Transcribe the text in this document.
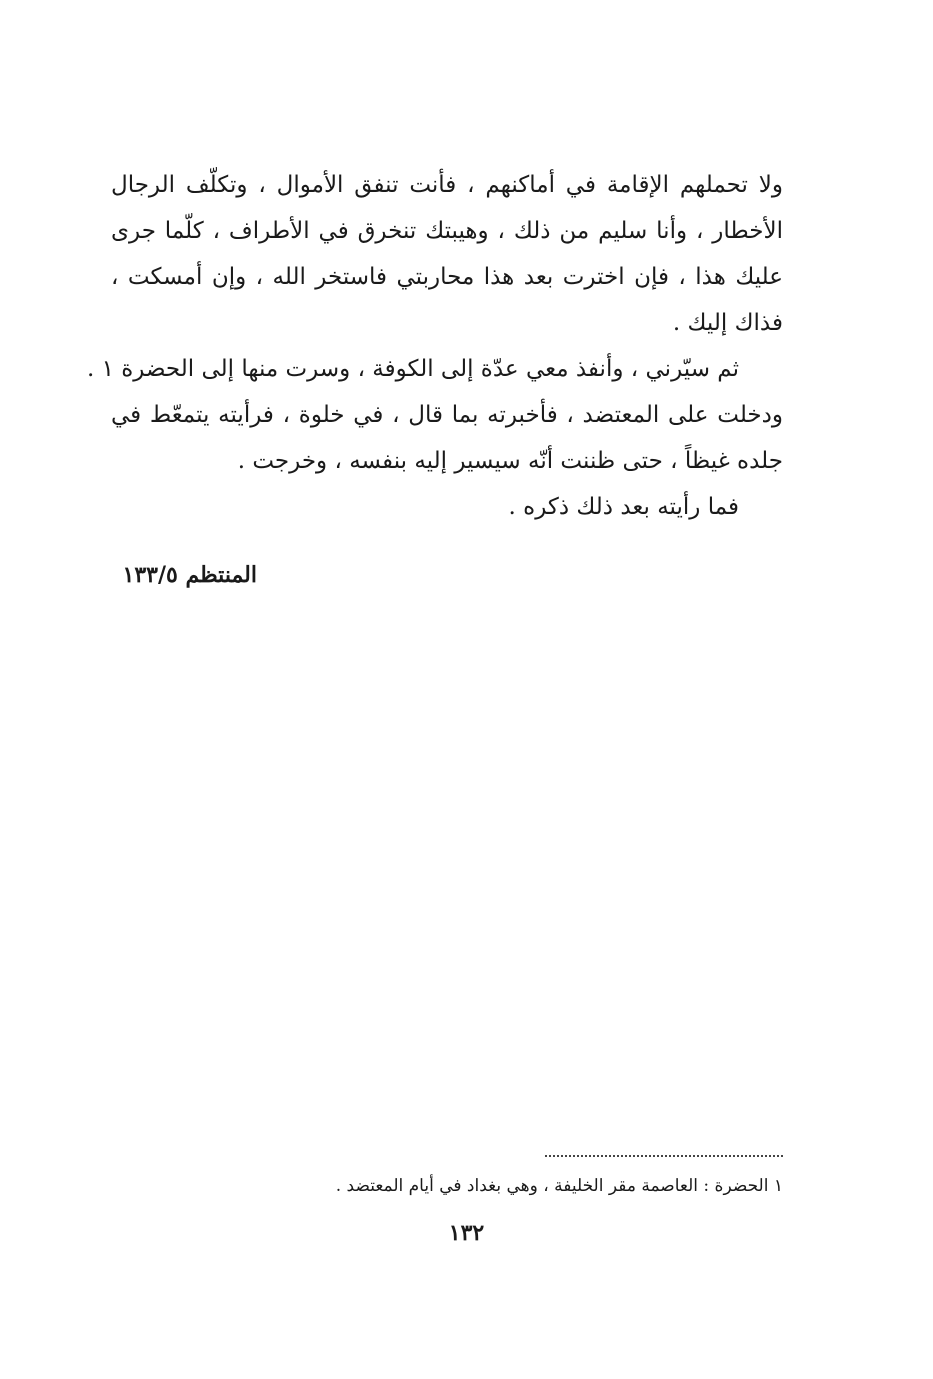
ولا تحملهم الإقامة في أماكنهم ، فأنت تنفق الأموال ، وتكلّف الرجال
الأخطار ، وأنا سليم من ذلك ، وهيبتك تنخرق في الأطراف ، كلّما جرى
عليك هذا ، فإن اخترت بعد هذا محاربتي فاستخر الله ، وإن أمسكت ،
فذاك إليك .
ثم سيّرني ، وأنفذ معي عدّة إلى الكوفة ، وسرت منها إلى الحضرة ١ .
ودخلت على المعتضد ، فأخبرته بما قال ، في خلوة ، فرأيته يتمعّط في
جلده غيظاً ، حتى ظننت أنّه سيسير إليه بنفسه ، وخرجت .
فما رأيته بعد ذلك ذكره .
المنتظم ١٣٣/٥
١ الحضرة : العاصمة مقر الخليفة ، وهي بغداد في أيام المعتضد .
١٣٢
